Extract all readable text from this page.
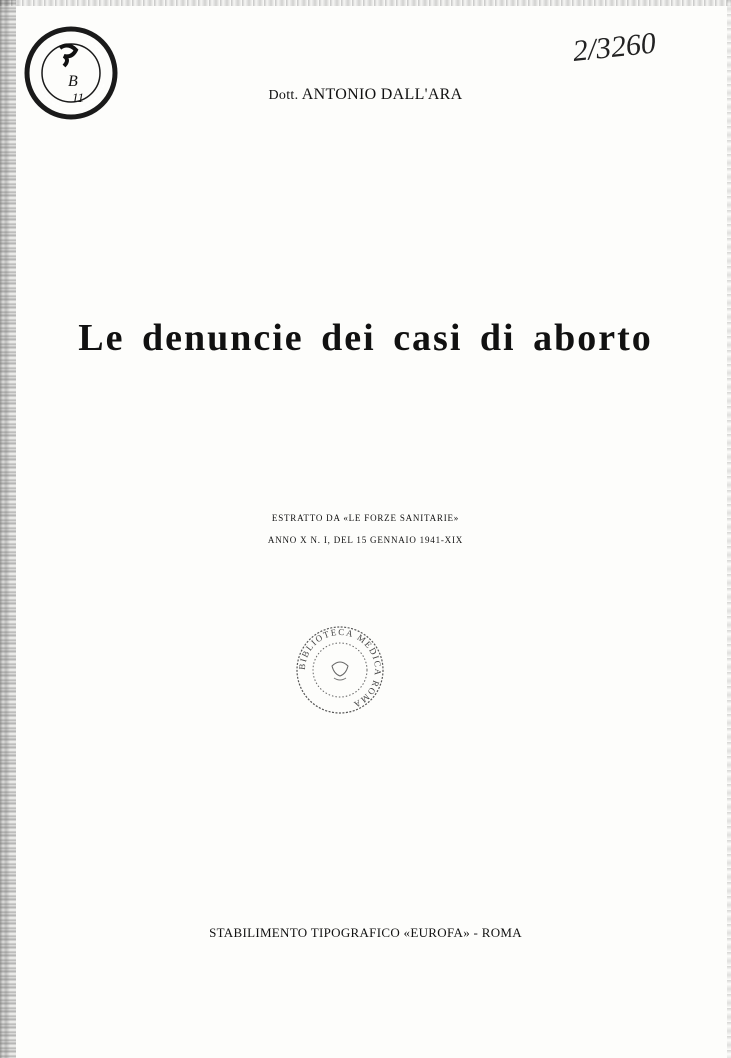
B
11
2/3260
Dott. ANTONIO DALL'ARA
Le denuncie dei casi di aborto
ESTRATTO DA «LE FORZE SANITARIE»
ANNO X N. I, DEL 15 GENNAIO 1941-XIX
BIBLIOTECA MEDICA ROMA
STABILIMENTO TIPOGRAFICO «EUROFA» - ROMA
